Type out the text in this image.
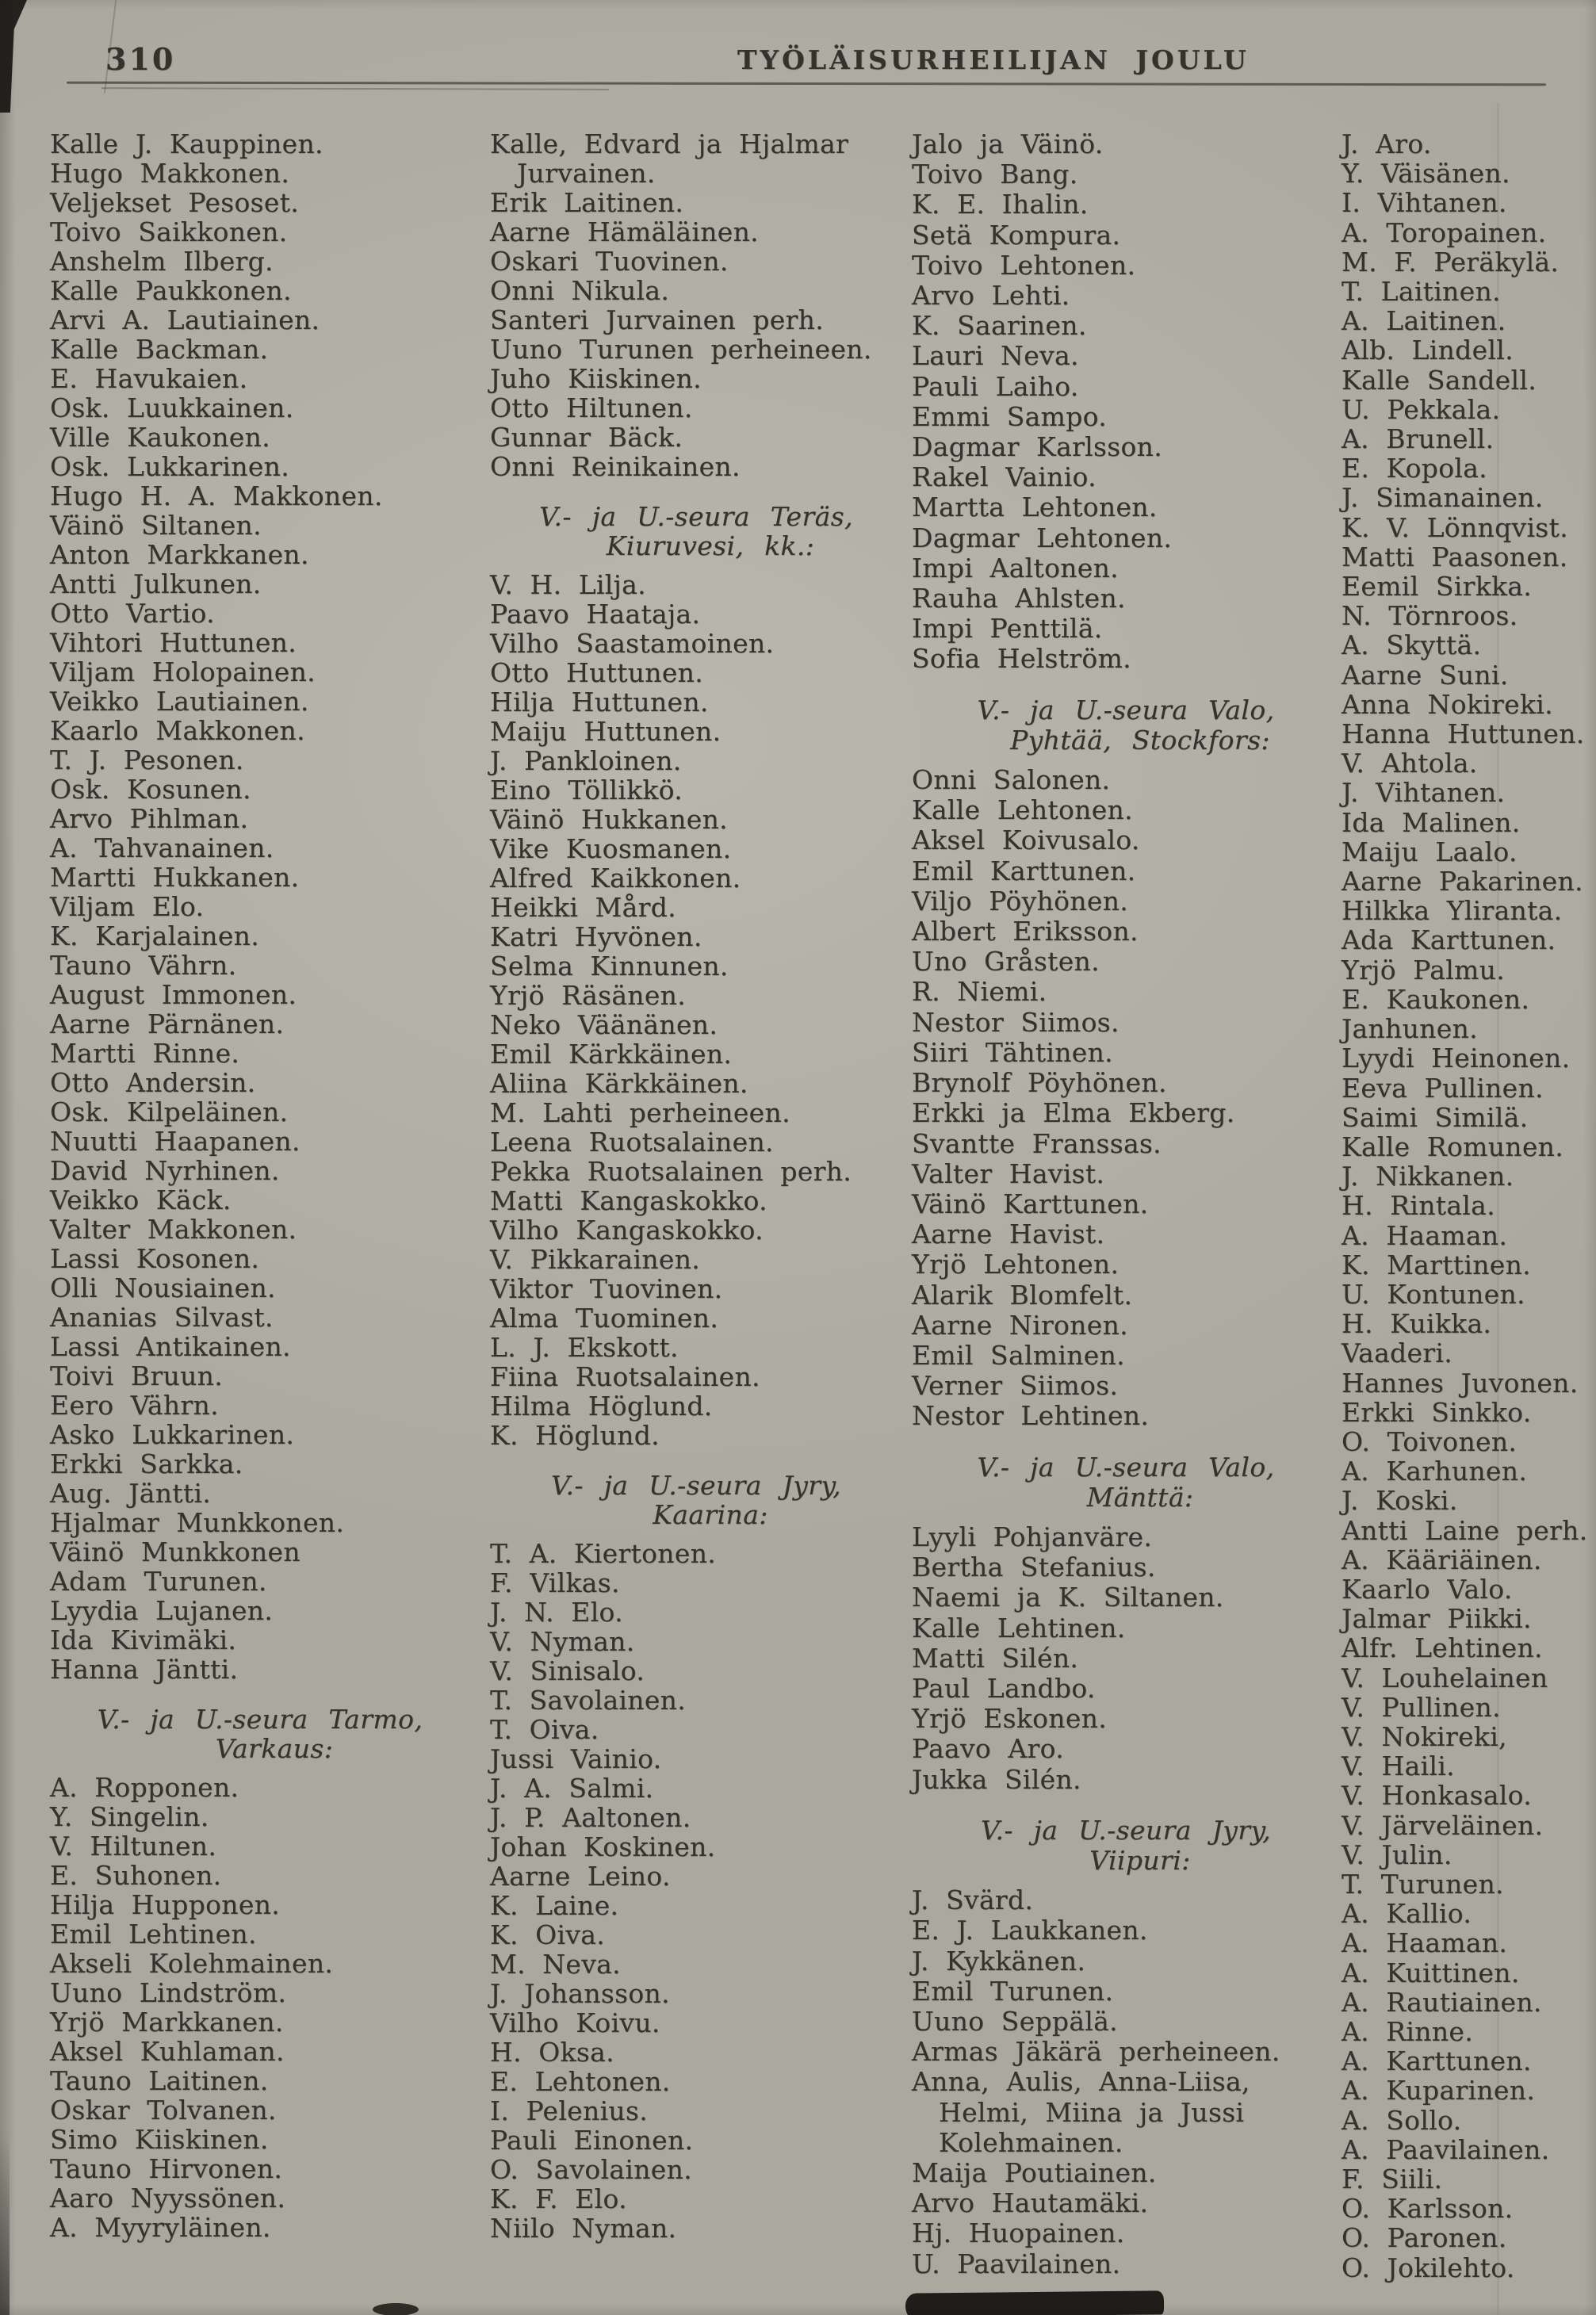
310	TYÖLÄISURHEILIJAN JOULU
Kalle J. Kauppinen.
Hugo Makkonen.
Veljekset Pesoset.
Toivo Saikkonen.
Anshelm Ilberg.
Kalle Paukkonen.
Arvi A. Lautiainen.
Kalle Backman.
E. Havukaien.
Osk. Luukkainen.
Ville Kaukonen.
Osk. Lukkarinen.
Hugo H. A. Makkonen.
Väinö Siltanen.
Anton Markkanen.
Antti Julkunen.
Otto Vartio.
Vihtori Huttunen.
Viljam Holopainen.
Veikko Lautiainen.
Kaarlo Makkonen.
T. J. Pesonen.
Osk. Kosunen.
Arvo Pihlman.
A. Tahvanainen.
Martti Hukkanen.
Viljam Elo.
K. Karjalainen.
Tauno Vährn.
August Immonen.
Aarne Pärnänen.
Martti Rinne.
Otto Andersin.
Osk. Kilpeläinen.
Nuutti Haapanen.
David Nyrhinen.
Veikko Käck.
Valter Makkonen.
Lassi Kosonen.
Olli Nousiainen.
Ananias Silvast.
Lassi Antikainen.
Toivi Bruun.
Eero Vährn.
Asko Lukkarinen.
Erkki Sarkka.
Aug. Jäntti.
Hjalmar Munkkonen.
Väinö Munkkonen
Adam Turunen.
Lyydia Lujanen.
Ida Kivimäki.
Hanna Jäntti.
V.- ja U.-seura Tarmo,
Varkaus:
A. Ropponen.
Y. Singelin.
V. Hiltunen.
E. Suhonen.
Hilja Hupponen.
Emil Lehtinen.
Akseli Kolehmainen.
Uuno Lindström.
Yrjö Markkanen.
Aksel Kuhlaman.
Tauno Laitinen.
Oskar Tolvanen.
Simo Kiiskinen.
Tauno Hirvonen.
Aaro Nyyssönen.
A. Myyryläinen.
Kalle, Edvard ja Hjalmar
Jurvainen.
Erik Laitinen.
Aarne Hämäläinen.
Oskari Tuovinen.
Onni Nikula.
Santeri Jurvainen perh.
Uuno Turunen perheineen.
Juho Kiiskinen.
Otto Hiltunen.
Gunnar Bäck.
Onni Reinikainen.
V.- ja U.-seura Teräs,
Kiuruvesi, kk.:
V. H. Lilja.
Paavo Haataja.
Vilho Saastamoinen.
Otto Huttunen.
Hilja Huttunen.
Maiju Huttunen.
J. Pankloinen.
Eino Töllikkö.
Väinö Hukkanen.
Vike Kuosmanen.
Alfred Kaikkonen.
Heikki Mård.
Katri Hyvönen.
Selma Kinnunen.
Yrjö Räsänen.
Neko Väänänen.
Emil Kärkkäinen.
Aliina Kärkkäinen.
M. Lahti perheineen.
Leena Ruotsalainen.
Pekka Ruotsalainen perh.
Matti Kangaskokko.
Vilho Kangaskokko.
V. Pikkarainen.
Viktor Tuovinen.
Alma Tuominen.
L. J. Ekskott.
Fiina Ruotsalainen.
Hilma Höglund.
K. Höglund.
V.- ja U.-seura Jyry,
Kaarina:
T. A. Kiertonen.
F. Vilkas.
J. N. Elo.
V. Nyman.
V. Sinisalo.
T. Savolainen.
T. Oiva.
Jussi Vainio.
J. A. Salmi.
J. P. Aaltonen.
Johan Koskinen.
Aarne Leino.
K. Laine.
K. Oiva.
M. Neva.
J. Johansson.
Vilho Koivu.
H. Oksa.
E. Lehtonen.
I. Pelenius.
Pauli Einonen.
O. Savolainen.
K. F. Elo.
Niilo Nyman.
Jalo ja Väinö.
Toivo Bang.
K. E. Ihalin.
Setä Kompura.
Toivo Lehtonen.
Arvo Lehti.
K. Saarinen.
Lauri Neva.
Pauli Laiho.
Emmi Sampo.
Dagmar Karlsson.
Rakel Vainio.
Martta Lehtonen.
Dagmar Lehtonen.
Impi Aaltonen.
Rauha Ahlsten.
Impi Penttilä.
Sofia Helström.
V.- ja U.-seura Valo,
Pyhtää, Stockfors:
Onni Salonen.
Kalle Lehtonen.
Aksel Koivusalo.
Emil Karttunen.
Viljo Pöyhönen.
Albert Eriksson.
Uno Gråsten.
R. Niemi.
Nestor Siimos.
Siiri Tähtinen.
Brynolf Pöyhönen.
Erkki ja Elma Ekberg.
Svantte Franssas.
Valter Havist.
Väinö Karttunen.
Aarne Havist.
Yrjö Lehtonen.
Alarik Blomfelt.
Aarne Nironen.
Emil Salminen.
Verner Siimos.
Nestor Lehtinen.
V.- ja U.-seura Valo,
Mänttä:
Lyyli Pohjanväre.
Bertha Stefanius.
Naemi ja K. Siltanen.
Kalle Lehtinen.
Matti Silén.
Paul Landbo.
Yrjö Eskonen.
Paavo Aro.
Jukka Silén.
V.- ja U.-seura Jyry,
Viipuri:
J. Svärd.
E. J. Laukkanen.
J. Kykkänen.
Emil Turunen.
Uuno Seppälä.
Armas Jäkärä perheineen.
Anna, Aulis, Anna-Liisa,
Helmi, Miina ja Jussi
Kolehmainen.
Maija Poutiainen.
Arvo Hautamäki.
Hj. Huopainen.
U. Paavilainen.
J. Aro.
Y. Väisänen.
I. Vihtanen.
A. Toropainen.
M. F. Peräkylä.
T. Laitinen.
A. Laitinen.
Alb. Lindell.
Kalle Sandell.
U. Pekkala.
A. Brunell.
E. Kopola.
J. Simanainen.
K. V. Lönnqvist.
Matti Paasonen.
Eemil Sirkka.
N. Törnroos.
A. Skyttä.
Aarne Suni.
Anna Nokireki.
Hanna Huttunen.
V. Ahtola.
J. Vihtanen.
Ida Malinen.
Maiju Laalo.
Aarne Pakarinen.
Hilkka Yliranta.
Ada Karttunen.
Yrjö Palmu.
E. Kaukonen.
Janhunen.
Lyydi Heinonen.
Eeva Pullinen.
Saimi Similä.
Kalle Romunen.
J. Nikkanen.
H. Rintala.
A. Haaman.
K. Marttinen.
U. Kontunen.
H. Kuikka.
Vaaderi.
Hannes Juvonen.
Erkki Sinkko.
O. Toivonen.
A. Karhunen.
J. Koski.
Antti Laine perh.
A. Kääriäinen.
Kaarlo Valo.
Jalmar Piikki.
Alfr. Lehtinen.
V. Louhelainen
V. Pullinen.
V. Nokireki,
V. Haili.
V. Honkasalo.
V. Järveläinen.
V. Julin.
T. Turunen.
A. Kallio.
A. Haaman.
A. Kuittinen.
A. Rautiainen.
A. Rinne.
A. Karttunen.
A. Kuparinen.
A. Sollo.
A. Paavilainen.
F. Siili.
O. Karlsson.
O. Paronen.
O. Jokilehto.
